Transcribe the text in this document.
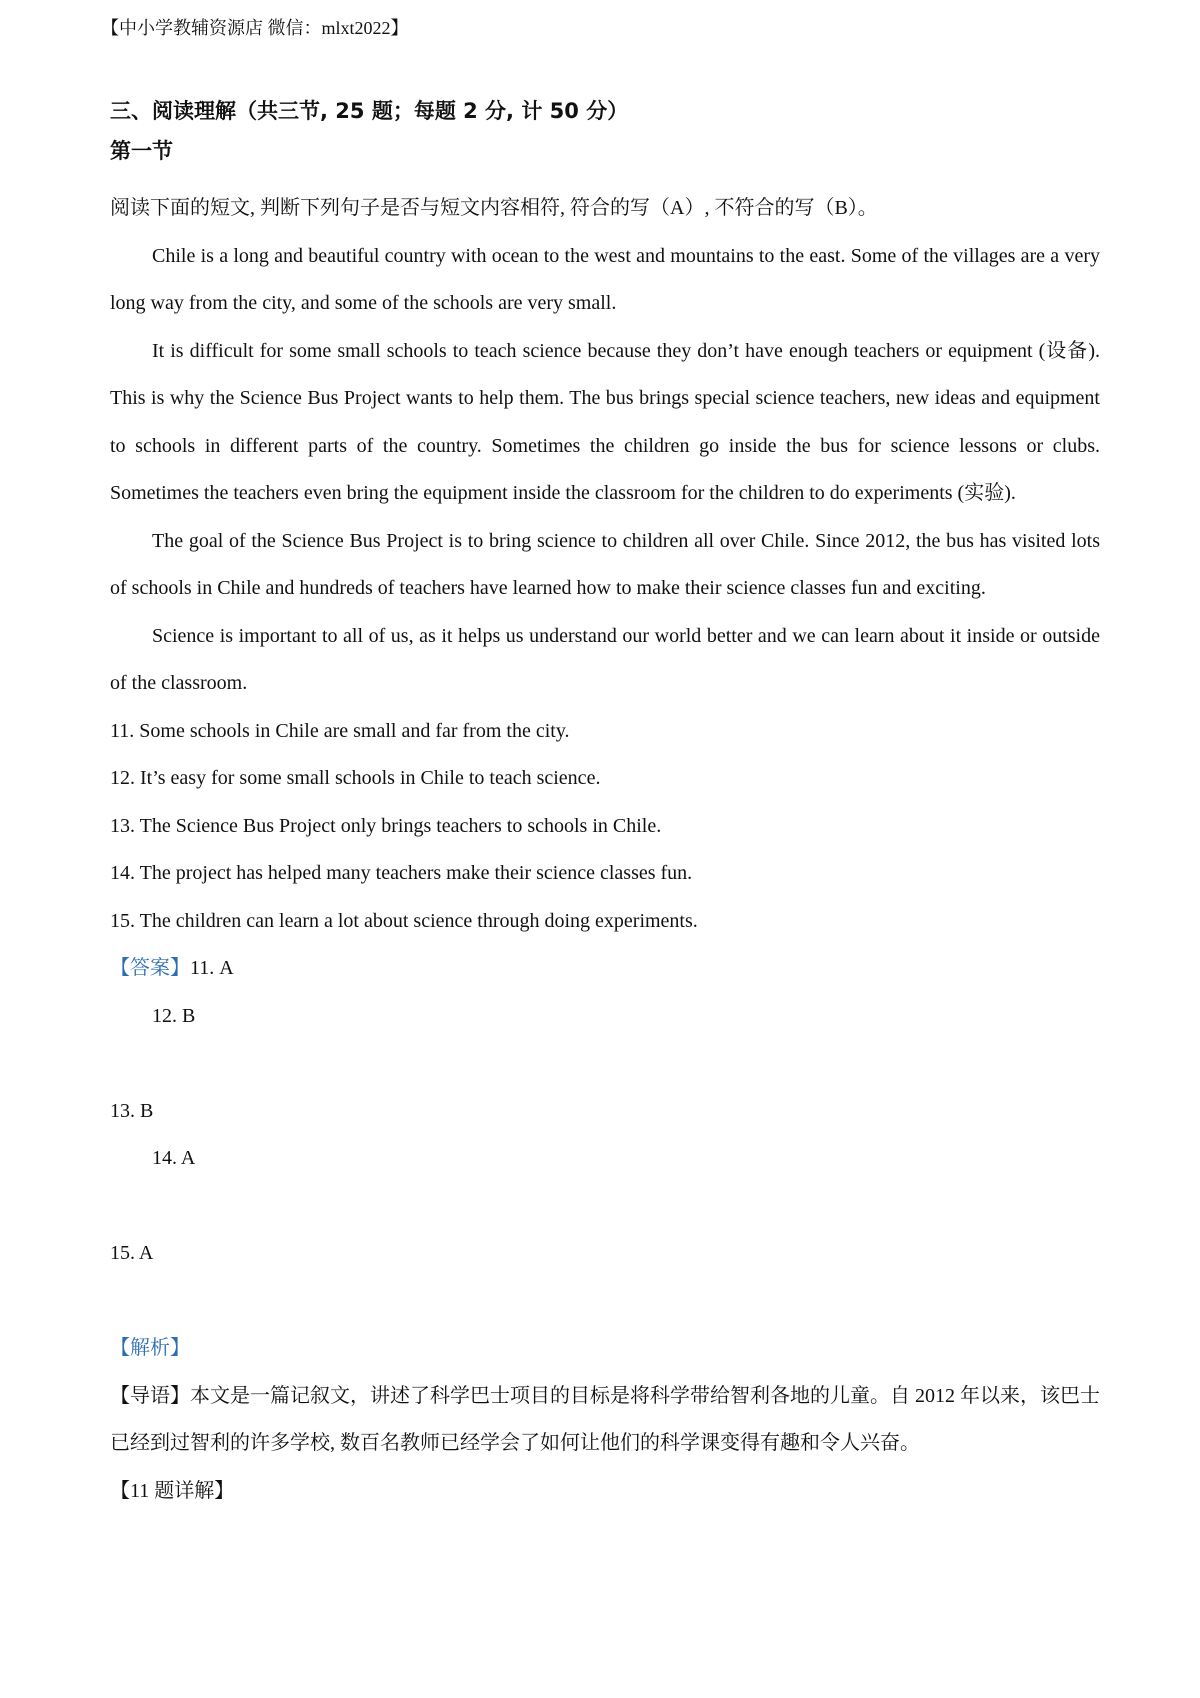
【中小学教辅资源店 微信：mlxt2022】

三、阅读理解（共三节, 25 题；每题 2 分, 计 50 分）

第一节

阅读下面的短文, 判断下列句子是否与短文内容相符, 符合的写（A）, 不符合的写（B）。

Chile is a long and beautiful country with ocean to the west and mountains to the east. Some of the villages are a very long way from the city, and some of the schools are very small.

It is difficult for some small schools to teach science because they don’t have enough teachers or equipment (设备). This is why the Science Bus Project wants to help them. The bus brings special science teachers, new ideas and equipment to schools in different parts of the country. Sometimes the children go inside the bus for science lessons or clubs. Sometimes the teachers even bring the equipment inside the classroom for the children to do experiments (实验).

The goal of the Science Bus Project is to bring science to children all over Chile. Since 2012, the bus has visited lots of schools in Chile and hundreds of teachers have learned how to make their science classes fun and exciting.

Science is important to all of us, as it helps us understand our world better and we can learn about it inside or outside of the classroom.

11. Some schools in Chile are small and far from the city.

12. It’s easy for some small schools in Chile to teach science.

13. The Science Bus Project only brings teachers to schools in Chile.

14. The project has helped many teachers make their science classes fun.

15. The children can learn a lot about science through doing experiments.

【答案】11. A

12. B

13. B

14. A

15. A

【解析】

【导语】本文是一篇记叙文，讲述了科学巴士项目的目标是将科学带给智利各地的儿童。自 2012 年以来，该巴士已经到过智利的许多学校, 数百名教师已经学会了如何让他们的科学课变得有趣和令人兴奋。

【11 题详解】
